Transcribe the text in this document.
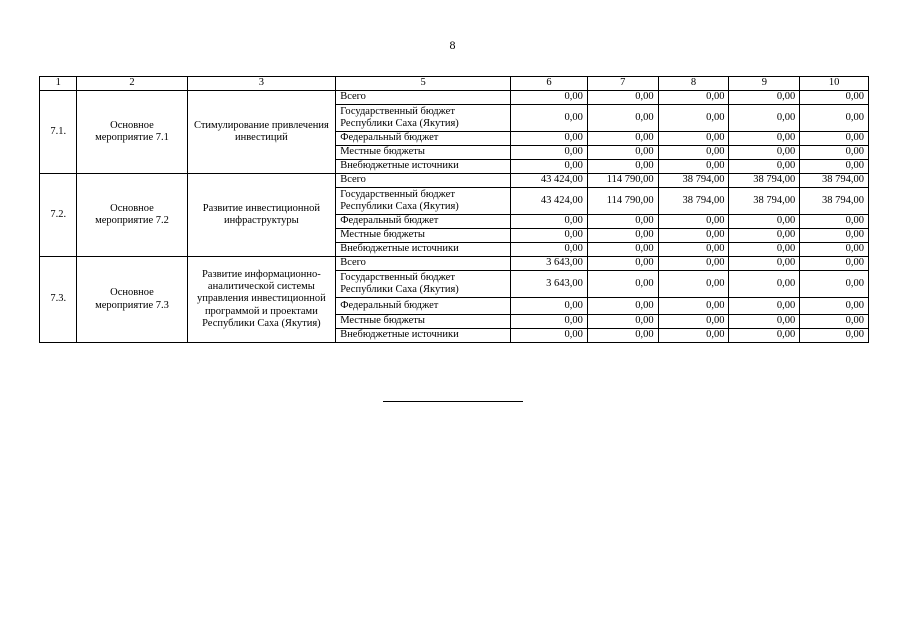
8
1	2	3	5	6	7	8	9	10
7.1.	Основное мероприятие 7.1	Стимулирование привлечения инвестиций	Всего	0,00	0,00	0,00	0,00	0,00
			Государственный бюджет Республики Саха (Якутия)	0,00	0,00	0,00	0,00	0,00
			Федеральный бюджет	0,00	0,00	0,00	0,00	0,00
			Местные бюджеты	0,00	0,00	0,00	0,00	0,00
			Внебюджетные источники	0,00	0,00	0,00	0,00	0,00
7.2.	Основное мероприятие 7.2	Развитие инвестиционной инфраструктуры	Всего	43 424,00	114 790,00	38 794,00	38 794,00	38 794,00
			Государственный бюджет Республики Саха (Якутия)	43 424,00	114 790,00	38 794,00	38 794,00	38 794,00
			Федеральный бюджет	0,00	0,00	0,00	0,00	0,00
			Местные бюджеты	0,00	0,00	0,00	0,00	0,00
			Внебюджетные источники	0,00	0,00	0,00	0,00	0,00
7.3.	Основное мероприятие 7.3	Развитие информационно-аналитической системы управления инвестиционной программой и проектами Республики Саха (Якутия)	Всего	3 643,00	0,00	0,00	0,00	0,00
			Государственный бюджет Республики Саха (Якутия)	3 643,00	0,00	0,00	0,00	0,00
			Федеральный бюджет	0,00	0,00	0,00	0,00	0,00
			Местные бюджеты	0,00	0,00	0,00	0,00	0,00
			Внебюджетные источники	0,00	0,00	0,00	0,00	0,00
